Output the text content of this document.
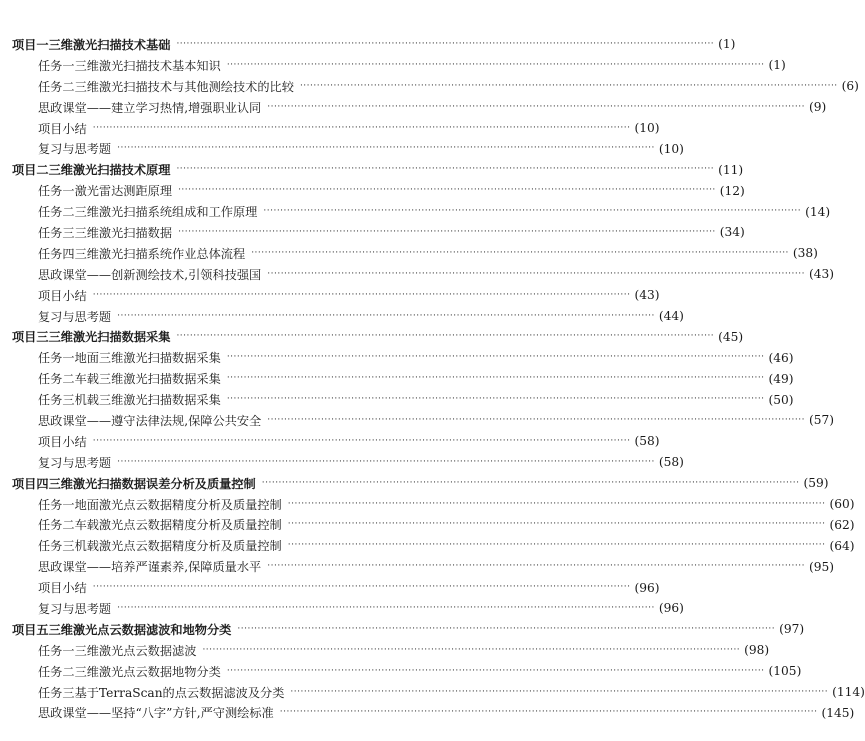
项目一 三维激光扫描技术基础 ································································································································································ (1)
任务一 三维激光扫描技术基本知识 ································································································································································ (1)
任务二 三维激光扫描技术与其他测绘技术的比较 ································································································································································ (6)
思政课堂——建立学习热情,增强职业认同 ································································································································································ (9)
项目小结 ································································································································································ (10)
复习与思考题 ································································································································································ (10)
项目二 三维激光扫描技术原理 ································································································································································ (11)
任务一 激光雷达测距原理 ································································································································································ (12)
任务二 三维激光扫描系统组成和工作原理 ································································································································································ (14)
任务三 三维激光扫描数据 ································································································································································ (34)
任务四 三维激光扫描系统作业总体流程 ································································································································································ (38)
思政课堂——创新测绘技术,引领科技强国 ································································································································································ (43)
项目小结 ································································································································································ (43)
复习与思考题 ································································································································································ (44)
项目三 三维激光扫描数据采集 ································································································································································ (45)
任务一 地面三维激光扫描数据采集 ································································································································································ (46)
任务二 车载三维激光扫描数据采集 ································································································································································ (49)
任务三 机载三维激光扫描数据采集 ································································································································································ (50)
思政课堂——遵守法律法规,保障公共安全 ································································································································································ (57)
项目小结 ································································································································································ (58)
复习与思考题 ································································································································································ (58)
项目四 三维激光扫描数据误差分析及质量控制 ································································································································································ (59)
任务一 地面激光点云数据精度分析及质量控制 ································································································································································ (60)
任务二 车载激光点云数据精度分析及质量控制 ································································································································································ (62)
任务三 机载激光点云数据精度分析及质量控制 ································································································································································ (64)
思政课堂——培养严谨素养,保障质量水平 ································································································································································ (95)
项目小结 ································································································································································ (96)
复习与思考题 ································································································································································ (96)
项目五 三维激光点云数据滤波和地物分类 ································································································································································ (97)
任务一 三维激光点云数据滤波 ································································································································································ (98)
任务二 三维激光点云数据地物分类 ································································································································································ (105)
任务三 基于TerraScan的点云数据滤波及分类 ································································································································································ (114)
思政课堂——坚持“八字”方针,严守测绘标准 ································································································································································ (145)
